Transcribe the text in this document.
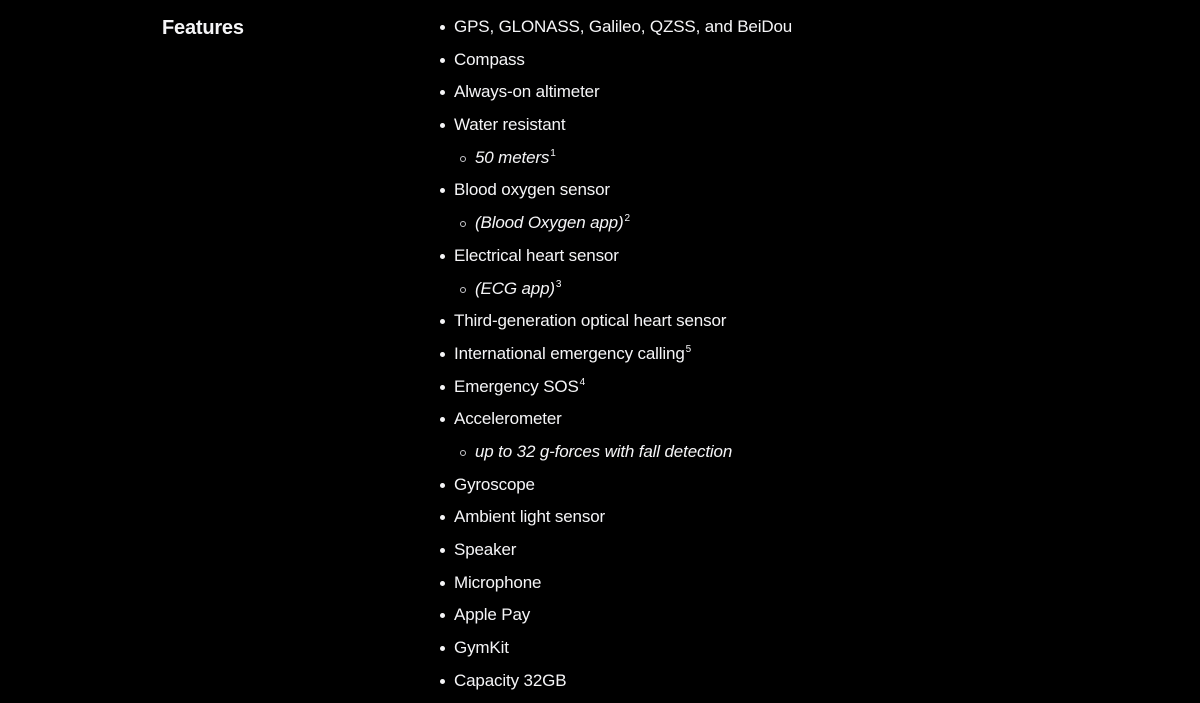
Features	GPS, GLONASS, Galileo, QZSS, and BeiDou
Compass
Always-on altimeter
Water resistant
50 meters$^1$
Blood oxygen sensor
(Blood Oxygen app)$^2$
Electrical heart sensor
(ECG app)$^3$
Third-generation optical heart sensor
International emergency calling$^5$
Emergency SOS$^4$
Accelerometer
up to 32 g-forces with fall detection
Gyroscope
Ambient light sensor
Speaker
Microphone
Apple Pay
GymKit
Capacity 32GB
